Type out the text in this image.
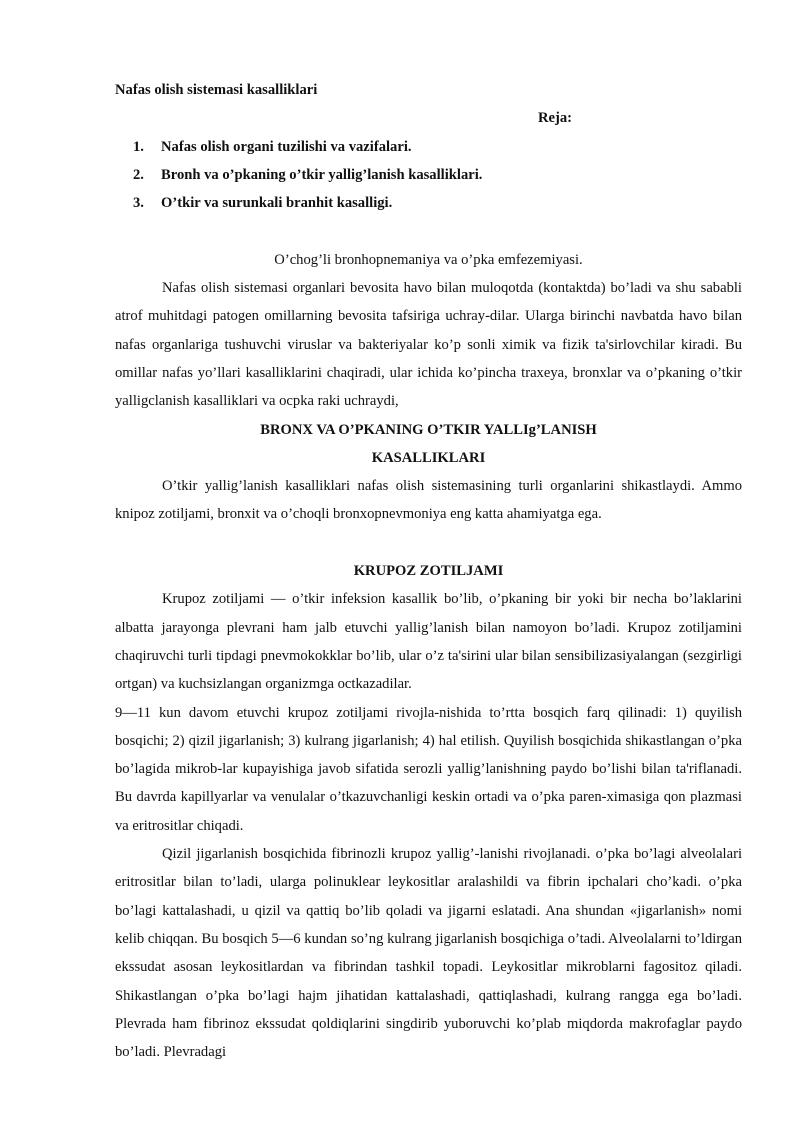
Nafas olish sistemasi kasalliklari

Reja:

1.	Nafas olish organi tuzilishi va vazifalari.
2.	Bronh va o’pkaning o’tkir yallig’lanish kasalliklari.
3.	O’tkir va surunkali branhit kasalligi.

O’chog’li bronhopnemaniya va o’pka emfezemiyasi.

Nafas olish sistemasi organlari bevosita havo bilan muloqotda (kontaktda) bo’ladi va shu sababli atrof muhitdagi patogen omillarning bevosita tafsiriga uchray-dilar. Ularga birinchi navbatda havo bilan nafas organlariga tushuvchi viruslar va bakteriyalar ko’p sonli ximik va fizik ta'sirlovchilar kiradi. Bu omillar nafas yo’llari kasalliklarini chaqiradi, ular ichida ko’pincha traxeya, bronxlar va o’pkaning o’tkir yalligclanish kasalliklari va ocpka raki uchraydi,

BRONX VA O’PKANING O’TKIR YALLIg’LANISH

KASALLIKLARI

O’tkir yallig’lanish kasalliklari nafas olish sistemasining turli organlarini shikastlaydi. Ammo knipoz zotiljami, bronxit va o’choqli bronxopnevmoniya eng katta ahamiyatga ega.

KRUPOZ ZOTILJAMI

Krupoz zotiljami — o’tkir infeksion kasallik bo’lib, o’pkaning bir yoki bir necha bo’laklarini albatta jarayonga plevrani ham jalb etuvchi yallig’lanish bilan namoyon bo’ladi. Krupoz zotiljamini chaqiruvchi turli tipdagi pnevmokokklar bo’lib, ular o’z ta'sirini ular bilan sensibilizasiyalangan (sezgirligi ortgan) va kuchsizlangan organizmga octkazadilar.

9—11 kun davom etuvchi krupoz zotiljami rivojla-nishida to’rtta bosqich farq qilinadi: 1) quyilish bosqichi; 2) qizil jigarlanish; 3) kulrang jigarlanish; 4) hal etilish. Quyilish bosqichida shikastlangan o’pka bo’lagida mikrob-lar kupayishiga javob sifatida serozli yallig’lanishning paydo bo’lishi bilan ta'riflanadi. Bu davrda kapillyarlar va venulalar o’tkazuvchanligi keskin ortadi va o’pka paren-ximasiga qon plazmasi va eritrositlar chiqadi.

Qizil jigarlanish bosqichida fibrinozli krupoz yallig’-lanishi rivojlanadi. o’pka bo’lagi alveolalari eritrositlar bilan to’ladi, ularga polinuklear leykositlar aralashildi va fibrin ipchalari cho’kadi. o’pka bo’lagi kattalashadi, u qizil va qattiq bo’lib qoladi va jigarni eslatadi. Ana shundan «jigarlanish» nomi kelib chiqqan. Bu bosqich 5—6 kundan so’ng kulrang jigarlanish bosqichiga o’tadi. Alveolalarni to’ldirgan ekssudat asosan leykositlardan va fibrindan tashkil topadi. Leykositlar mikroblarni fagositoz qiladi. Shikastlangan o’pka bo’lagi hajm jihatidan kattalashadi, qattiqlashadi, kulrang rangga ega bo’ladi. Plevrada ham fibrinoz ekssudat qoldiqlarini singdirib yuboruvchi ko’plab miqdorda makrofaglar paydo bo’ladi. Plevradagi
